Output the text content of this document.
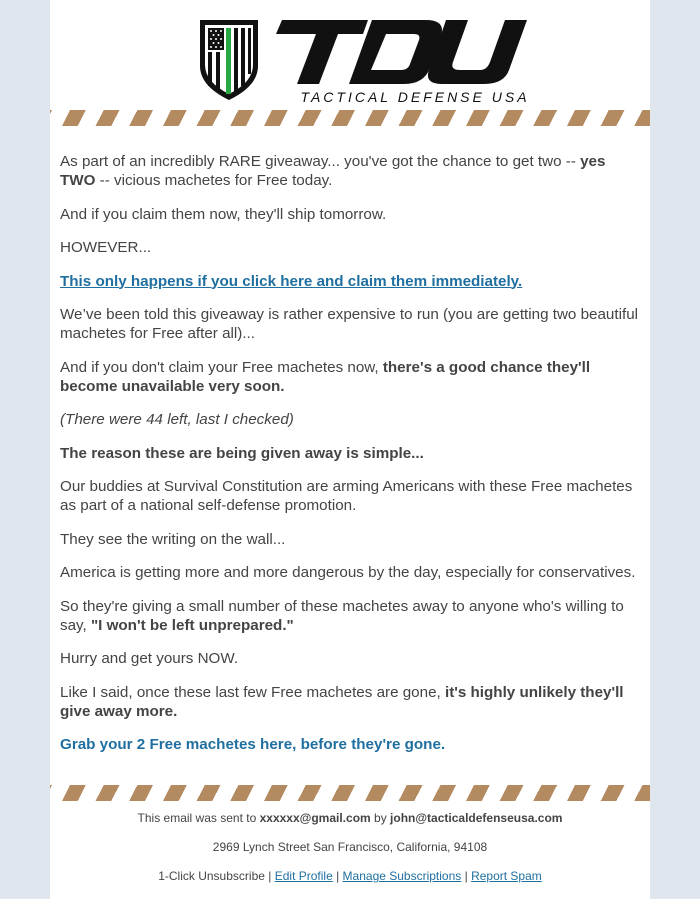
TACTICAL DEFENSE USA

As part of an incredibly RARE giveaway... you've got the chance to get two -- yes TWO -- vicious machetes for Free today.

And if you claim them now, they'll ship tomorrow.

HOWEVER...

This only happens if you click here and claim them immediately.

We’ve been told this giveaway is rather expensive to run (you are getting two beautiful machetes for Free after all)...

And if you don't claim your Free machetes now, there's a good chance they'll become unavailable very soon.

(There were 44 left, last I checked)

The reason these are being given away is simple...

Our buddies at Survival Constitution are arming Americans with these Free machetes as part of a national self-defense promotion.

They see the writing on the wall...

America is getting more and more dangerous by the day, especially for conservatives.

So they're giving a small number of these machetes away to anyone who's willing to say, "I won't be left unprepared."

Hurry and get yours NOW.

Like I said, once these last few Free machetes are gone, it's highly unlikely they'll give away more.

Grab your 2 Free machetes here, before they're gone.

This email was sent to xxxxxx@gmail.com by john@tacticaldefenseusa.com
2969 Lynch Street San Francisco, California, 94108
1-Click Unsubscribe | Edit Profile | Manage Subscriptions | Report Spam
